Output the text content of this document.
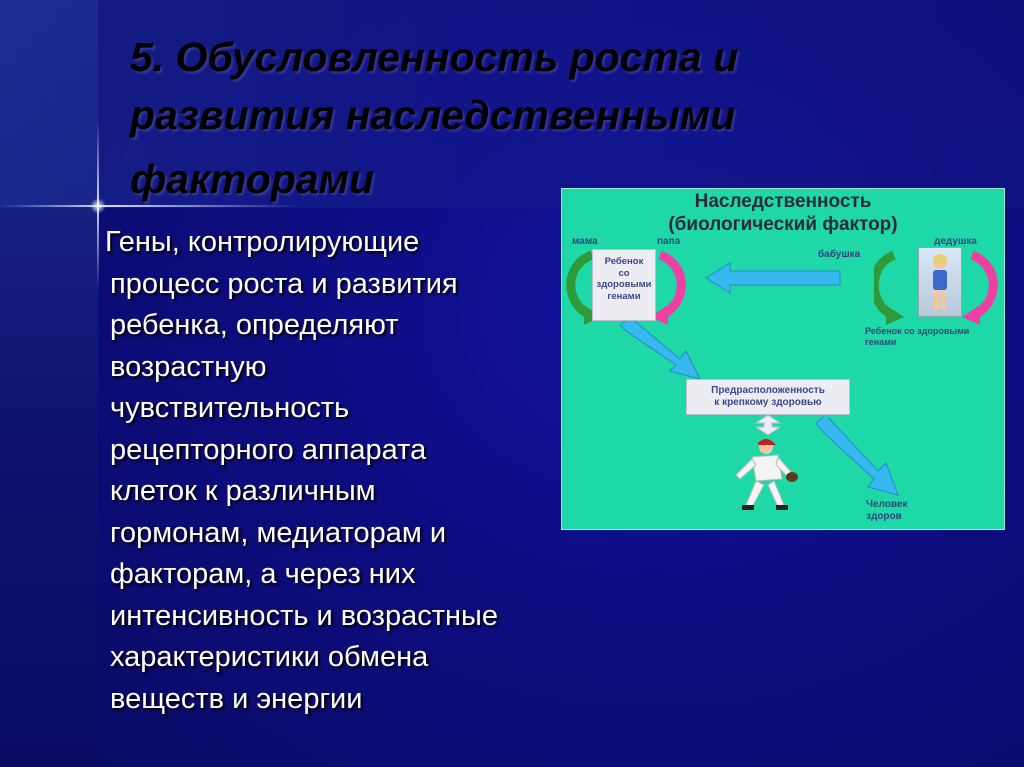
5. Обусловленность роста и
развития наследственными
факторами
Гены, контролирующие
процесс роста и развития
ребенка, определяют
возрастную
чувствительность
рецепторного аппарата
клеток к различным
гормонам, медиаторам и
факторам, а через них
интенсивность и возрастные
характеристики обмена
веществ и энергии
Наследственность
(биологический фактор)
мама	папа
бабушка
дедушка
Ребенок
со
здоровыми
генами
Ребенок со здоровыми
генами
Предрасположенность
к крепкому здоровью
Человек
здоров
